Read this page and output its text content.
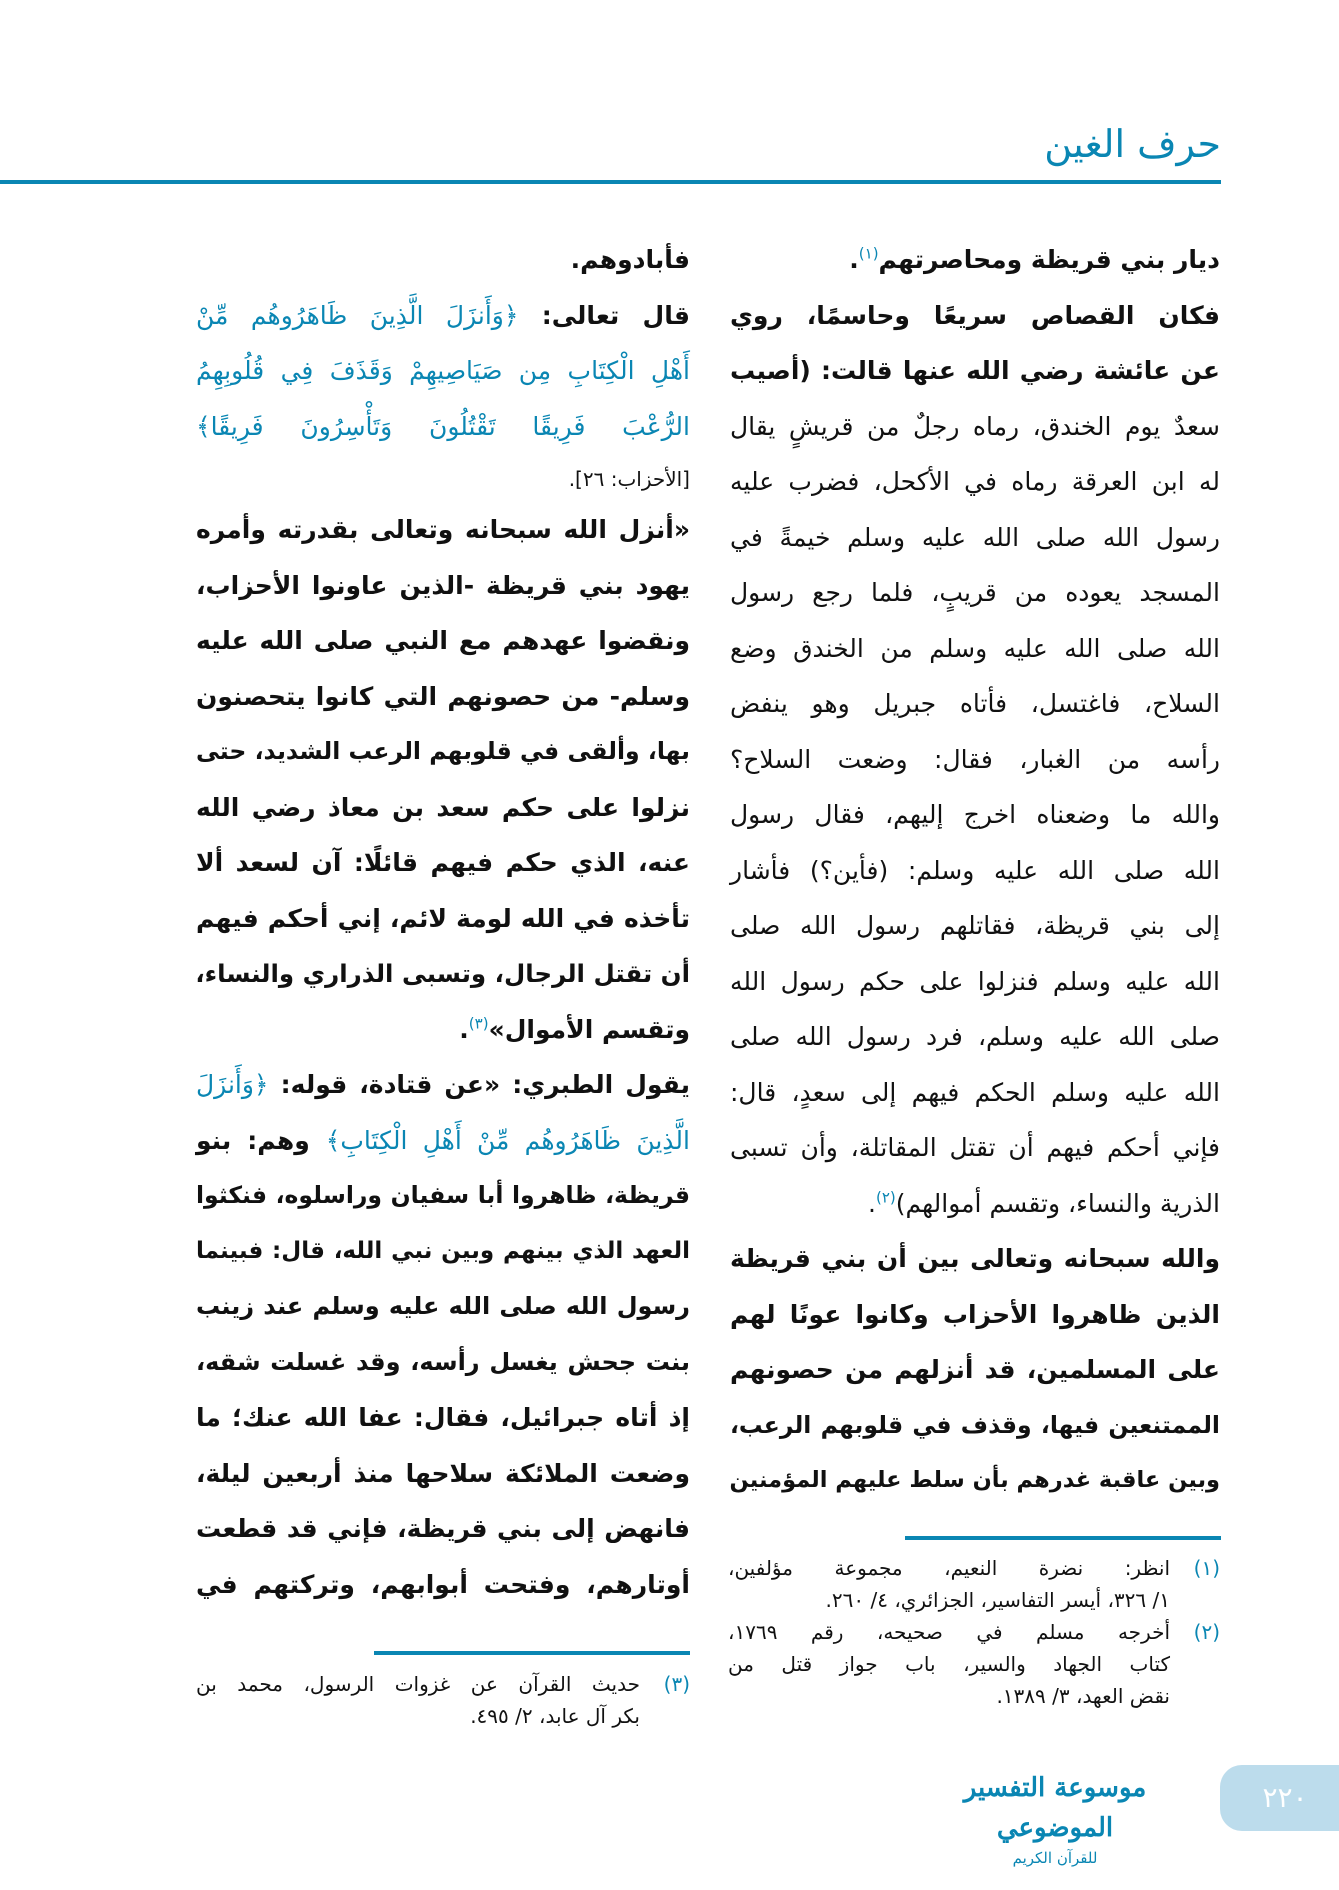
حرف الغين
ديار بني قريظة ومحاصرتهم$^{(١)}$.
فكان القصاص سريعًا وحاسمًا، روي
عن عائشة رضي الله عنها قالت: (أصيب
سعدٌ يوم الخندق، رماه رجلٌ من قريشٍ يقال
له ابن العرقة رماه في الأكحل، فضرب عليه
رسول الله صلى الله عليه وسلم خيمةً في
المسجد يعوده من قريبٍ، فلما رجع رسول
الله صلى الله عليه وسلم من الخندق وضع
السلاح، فاغتسل، فأتاه جبريل وهو ينفض
رأسه من الغبار، فقال: وضعت السلاح؟
والله ما وضعناه اخرج إليهم، فقال رسول
الله صلى الله عليه وسلم: (فأين؟) فأشار
إلى بني قريظة، فقاتلهم رسول الله صلى
الله عليه وسلم فنزلوا على حكم رسول الله
صلى الله عليه وسلم، فرد رسول الله صلى
الله عليه وسلم الحكم فيهم إلى سعدٍ، قال:
فإني أحكم فيهم أن تقتل المقاتلة، وأن تسبى
الذرية والنساء، وتقسم أموالهم)$^{(٢)}$.
والله سبحانه وتعالى بين أن بني قريظة
الذين ظاهروا الأحزاب وكانوا عونًا لهم
على المسلمين، قد أنزلهم من حصونهم
الممتنعين فيها، وقذف في قلوبهم الرعب،
وبين عاقبة غدرهم بأن سلط عليهم المؤمنين
فأبادوهم.
قال تعالى: ﴿وَأَنزَلَ الَّذِينَ ظَاهَرُوهُم مِّنْ
أَهْلِ الْكِتَابِ مِن صَيَاصِيهِمْ وَقَذَفَ فِي قُلُوبِهِمُ
الرُّعْبَ فَرِيقًا تَقْتُلُونَ وَتَأْسِرُونَ فَرِيقًا﴾
[الأحزاب: ٢٦].
«أنزل الله سبحانه وتعالى بقدرته وأمره
يهود بني قريظة -الذين عاونوا الأحزاب،
ونقضوا عهدهم مع النبي صلى الله عليه
وسلم- من حصونهم التي كانوا يتحصنون
بها، وألقى في قلوبهم الرعب الشديد، حتى
نزلوا على حكم سعد بن معاذ رضي الله
عنه، الذي حكم فيهم قائلًا: آن لسعد ألا
تأخذه في الله لومة لائم، إني أحكم فيهم
أن تقتل الرجال، وتسبى الذراري والنساء،
وتقسم الأموال»$^{(٣)}$.
يقول الطبري: «عن قتادة، قوله: ﴿وَأَنزَلَ
الَّذِينَ ظَاهَرُوهُم مِّنْ أَهْلِ الْكِتَابِ﴾ وهم: بنو
قريظة، ظاهروا أبا سفيان وراسلوه، فنكثوا
العهد الذي بينهم وبين نبي الله، قال: فبينما
رسول الله صلى الله عليه وسلم عند زينب
بنت جحش يغسل رأسه، وقد غسلت شقه،
إذ أتاه جبرائيل، فقال: عفا الله عنك؛ ما
وضعت الملائكة سلاحها منذ أربعين ليلة،
فانهض إلى بني قريظة، فإني قد قطعت
أوتارهم، وفتحت أبوابهم، وتركتهم في
(١)انظر: نضرة النعيم، مجموعة مؤلفين،
١/ ٣٢٦، أيسر التفاسير، الجزائري، ٤/ ٢٦٠.
(٢)أخرجه مسلم في صحيحه، رقم ١٧٦٩،
كتاب الجهاد والسير، باب جواز قتل من
نقض العهد، ٣/ ١٣٨٩.
(٣)حديث القرآن عن غزوات الرسول، محمد بن
بكر آل عابد، ٢/ ٤٩٥.
موسوعة التفسير الموضوعي
للقرآن الكريم
٢٢٠
